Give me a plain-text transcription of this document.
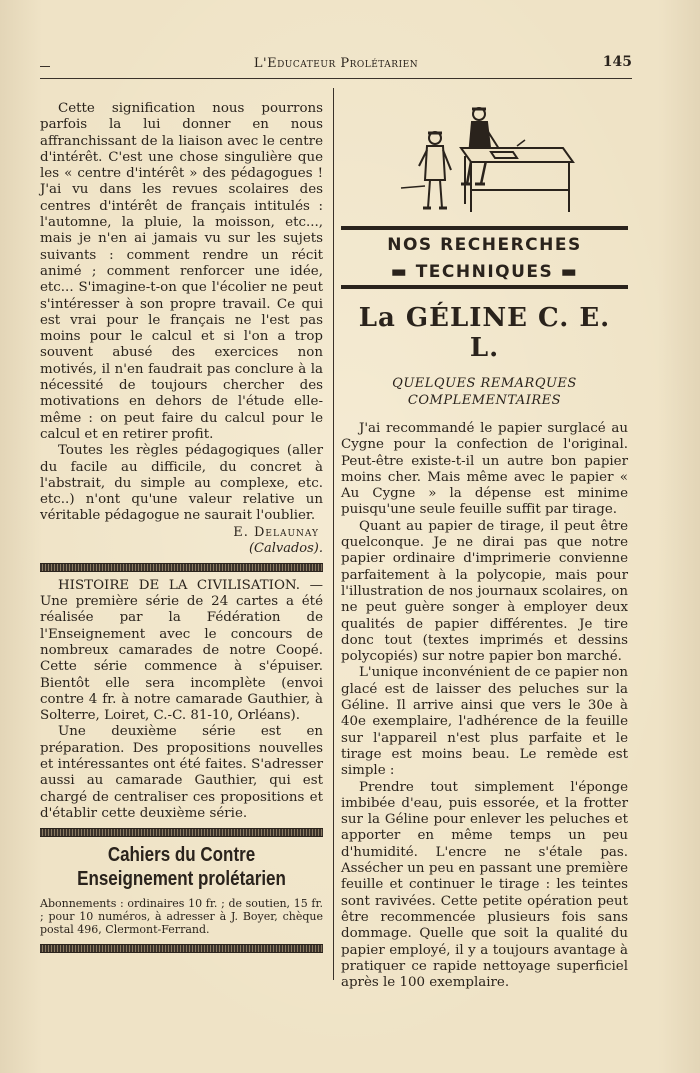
L'Educateur Prolétarien	145

Cette signification nous pourrons parfois la lui donner en nous affranchissant de la liaison avec le centre d'intérêt. C'est une chose singulière que les « centre d'intérêt » des pédagogues ! J'ai vu dans les revues scolaires des centres d'intérêt de français intitulés : l'automne, la pluie, la moisson, etc..., mais je n'en ai jamais vu sur les sujets suivants : comment rendre un récit animé ; comment renforcer une idée, etc... S'imagine-t-on que l'écolier ne peut s'intéresser à son propre travail. Ce qui est vrai pour le français ne l'est pas moins pour le calcul et si l'on a trop souvent abusé des exercices non motivés, il n'en faudrait pas conclure à la nécessité de toujours chercher des motivations en dehors de l'étude elle-même : on peut faire du calcul pour le calcul et en retirer profit.

Toutes les règles pédagogiques (aller du facile au difficile, du concret à l'abstrait, du simple au complexe, etc. etc..) n'ont qu'une valeur relative un véritable pédagogue ne saurait l'oublier.

E. Delaunay
(Calvados).

HISTOIRE DE LA CIVILISATION. — Une première série de 24 cartes a été réalisée par la Fédération de l'Enseignement avec le concours de nombreux camarades de notre Coopé. Cette série commence à s'épuiser. Bientôt elle sera incomplète (envoi contre 4 fr. à notre camarade Gauthier, à Solterre, Loiret, C.-C. 81-10, Orléans).

Une deuxième série est en préparation. Des propositions nouvelles et intéressantes ont été faites. S'adresser aussi au camarade Gauthier, qui est chargé de centraliser ces propositions et d'établir cette deuxième série.

Cahiers du Contre Enseignement prolétarien
Abonnements : ordinaires 10 fr. ; de soutien, 15 fr. ; pour 10 numéros, à adresser à J. Boyer, chèque postal 496, Clermont-Ferrand.
NOS RECHERCHES
▬ TECHNIQUES ▬
La GÉLINE C. E. L.
QUELQUES REMARQUES
COMPLEMENTAIRES

J'ai recommandé le papier surglacé au Cygne pour la confection de l'original. Peut-être existe-t-il un autre bon papier moins cher. Mais même avec le papier « Au Cygne » la dépense est minime puisqu'une seule feuille suffit par tirage.

Quant au papier de tirage, il peut être quelconque. Je ne dirai pas que notre papier ordinaire d'imprimerie convienne parfaitement à la polycopie, mais pour l'illustration de nos journaux scolaires, on ne peut guère songer à employer deux qualités de papier différentes. Je tire donc tout (textes imprimés et dessins polycopiés) sur notre papier bon marché.

L'unique inconvénient de ce papier non glacé est de laisser des peluches sur la Géline. Il arrive ainsi que vers le 30e à 40e exemplaire, l'adhérence de la feuille sur l'appareil n'est plus parfaite et le tirage est moins beau. Le remède est simple :

Prendre tout simplement l'éponge imbibée d'eau, puis essorée, et la frotter sur la Géline pour enlever les peluches et apporter en même temps un peu d'humidité. L'encre ne s'étale pas. Assécher un peu en passant une première feuille et continuer le tirage : les teintes sont ravivées. Cette petite opération peut être recommencée plusieurs fois sans dommage. Quelle que soit la qualité du papier employé, il y a toujours avantage à pratiquer ce rapide nettoyage superficiel après le 100 exemplaire.
